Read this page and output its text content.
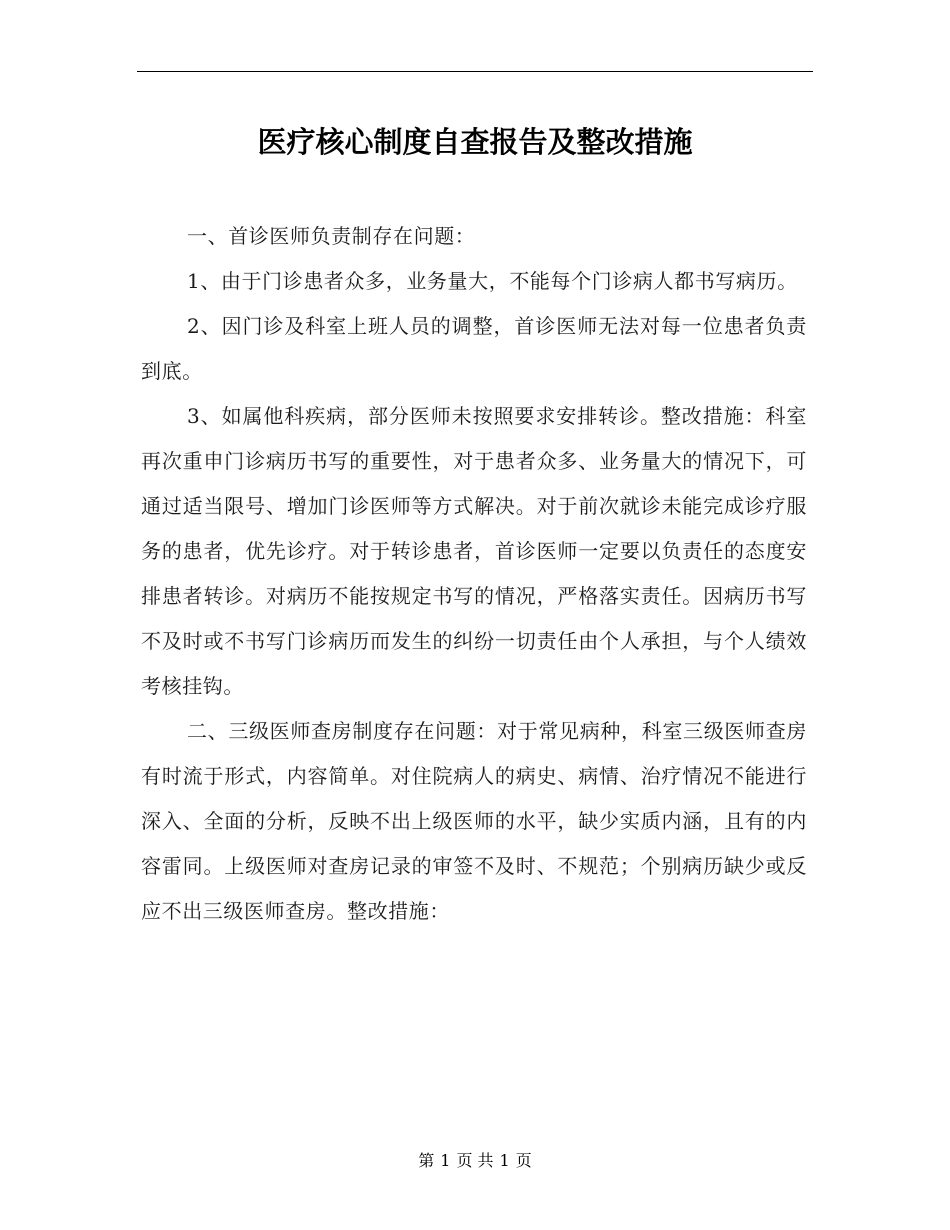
医疗核心制度自查报告及整改措施

一、首诊医师负责制存在问题：

1、由于门诊患者众多，业务量大，不能每个门诊病人都书写病历。

2、因门诊及科室上班人员的调整，首诊医师无法对每一位患者负责到底。

3、如属他科疾病，部分医师未按照要求安排转诊。整改措施：科室再次重申门诊病历书写的重要性，对于患者众多、业务量大的情况下，可通过适当限号、增加门诊医师等方式解决。对于前次就诊未能完成诊疗服务的患者，优先诊疗。对于转诊患者，首诊医师一定要以负责任的态度安排患者转诊。对病历不能按规定书写的情况，严格落实责任。因病历书写不及时或不书写门诊病历而发生的纠纷一切责任由个人承担，与个人绩效考核挂钩。

二、三级医师查房制度存在问题：对于常见病种，科室三级医师查房有时流于形式，内容简单。对住院病人的病史、病情、治疗情况不能进行深入、全面的分析，反映不出上级医师的水平，缺少实质内涵，且有的内容雷同。上级医师对查房记录的审签不及时、不规范；个别病历缺少或反应不出三级医师查房。整改措施：

第 1 页 共 1 页
